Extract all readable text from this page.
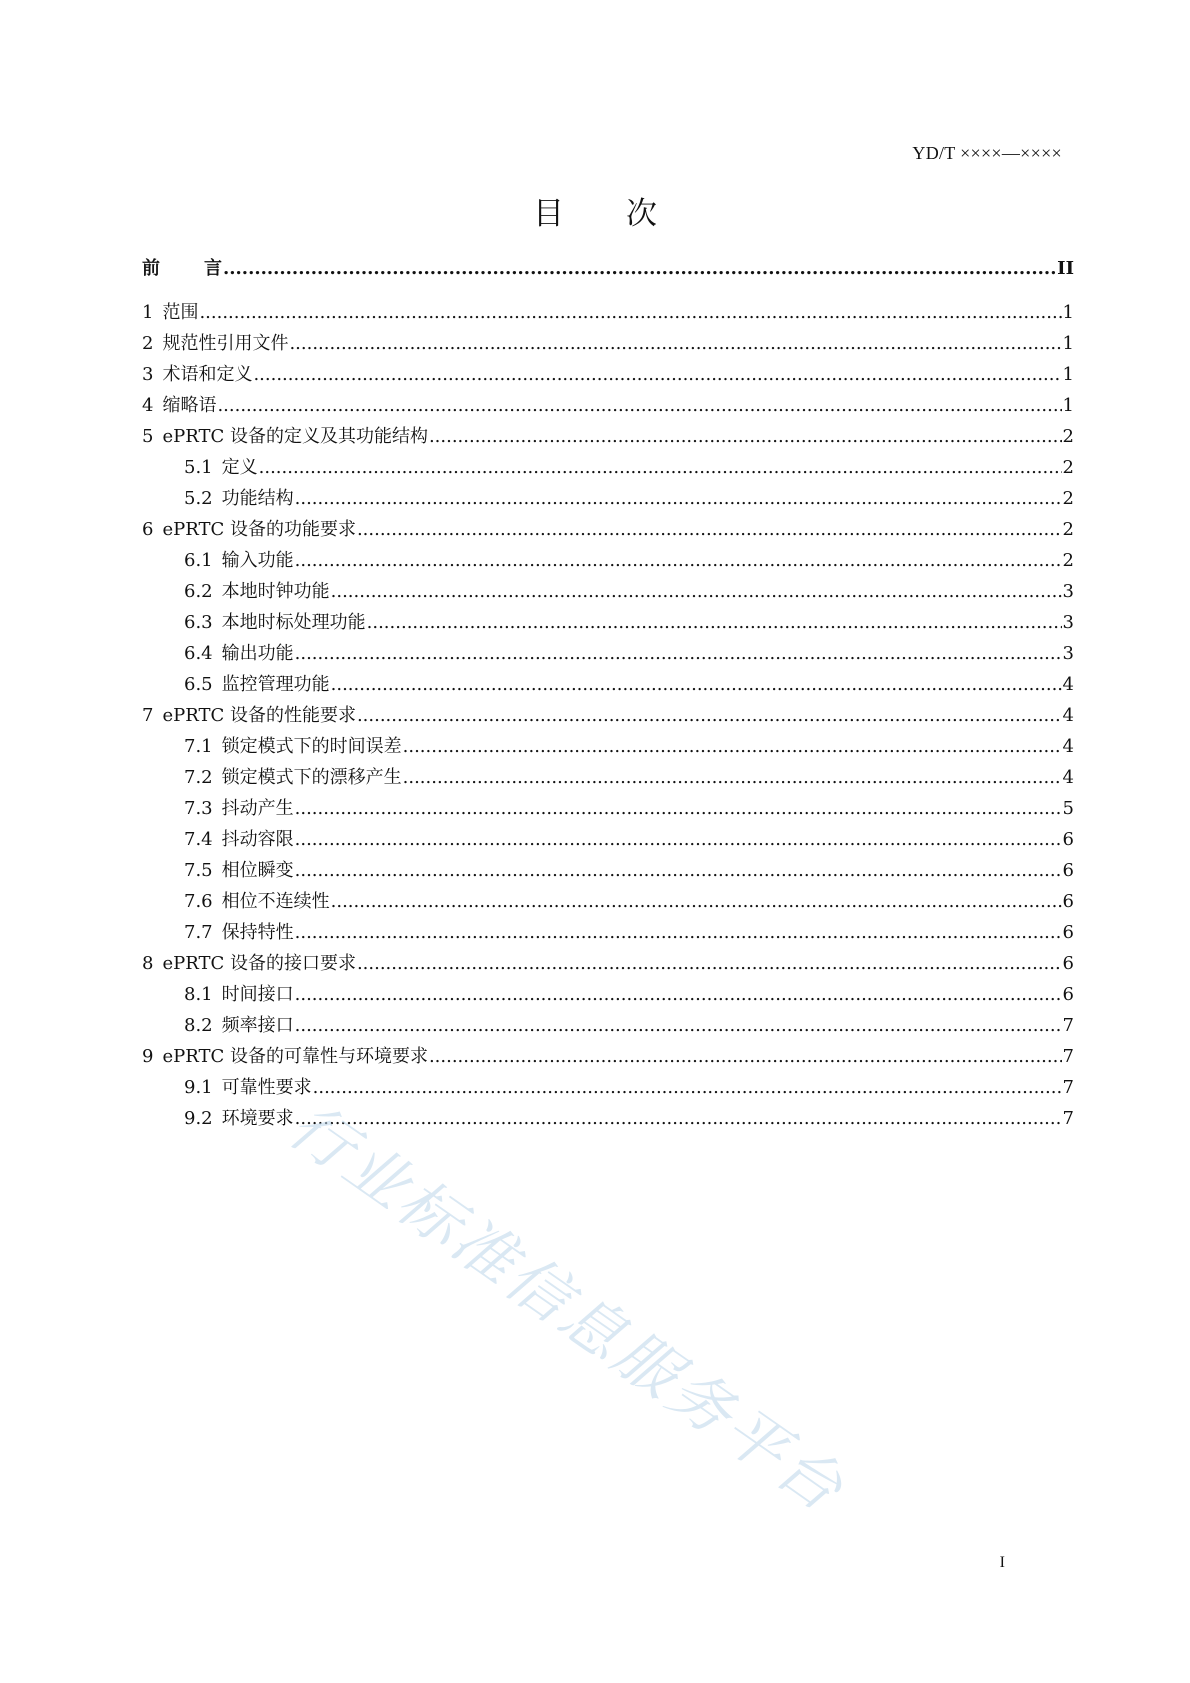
YD/T ××××—××××
目 次
前 言 .....	II
1 范围 .....	1
2 规范性引用文件 .....	1
3 术语和定义 .....	1
4 缩略语 .....	1
5 ePRTC 设备的定义及其功能结构 .....	2
5.1 定义 .....	2
5.2 功能结构 .....	2
6 ePRTC 设备的功能要求 .....	2
6.1 输入功能 .....	2
6.2 本地时钟功能 .....	3
6.3 本地时标处理功能 .....	3
6.4 输出功能 .....	3
6.5 监控管理功能 .....	4
7 ePRTC 设备的性能要求 .....	4
7.1 锁定模式下的时间误差 .....	4
7.2 锁定模式下的漂移产生 .....	4
7.3 抖动产生 .....	5
7.4 抖动容限 .....	6
7.5 相位瞬变 .....	6
7.6 相位不连续性 .....	6
7.7 保持特性 .....	6
8 ePRTC 设备的接口要求 .....	6
8.1 时间接口 .....	6
8.2 频率接口 .....	7
9 ePRTC 设备的可靠性与环境要求 .....	7
9.1 可靠性要求 .....	7
9.2 环境要求 .....	7
行业标准信息服务平台
I
